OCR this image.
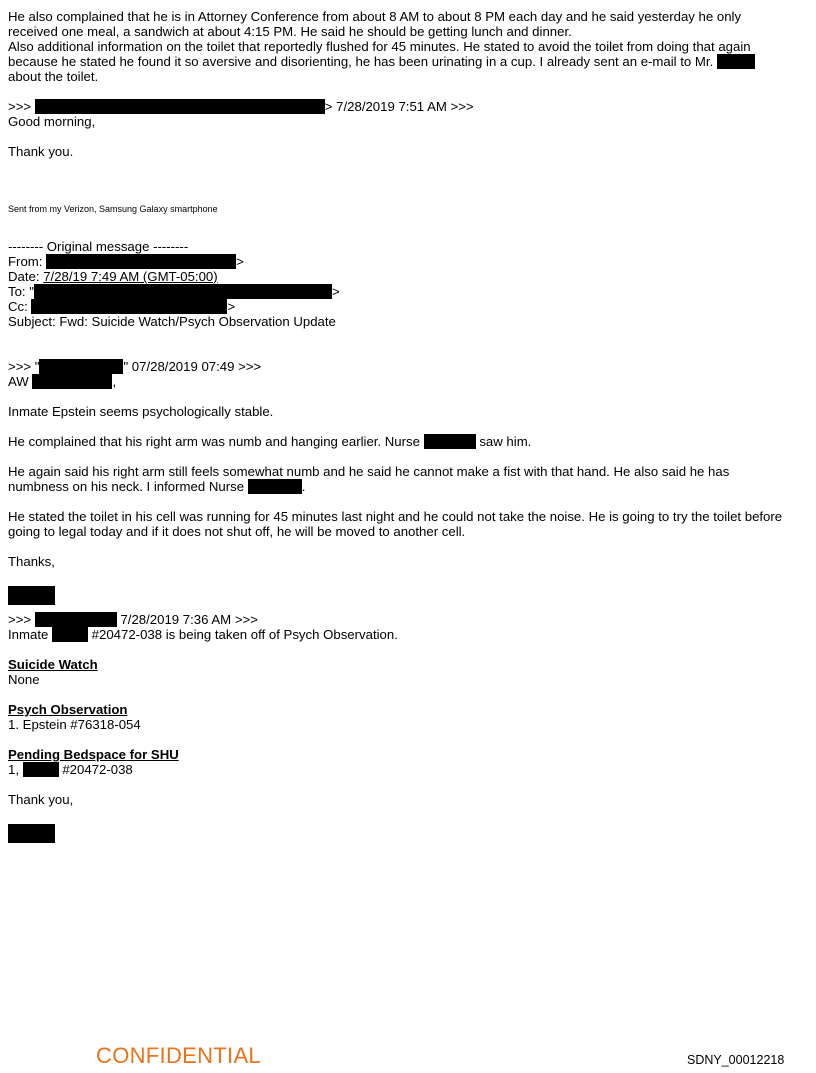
He also complained that he is in Attorney Conference from about 8 AM to about 8 PM each day and he said yesterday he only
received one meal, a sandwich at about 4:15 PM. He said he should be getting lunch and dinner.
Also additional information on the toilet that reportedly flushed for 45 minutes. He stated to avoid the toilet from doing that again
because he stated he found it so aversive and disorienting, he has been urinating in a cup. I already sent an e-mail to Mr.
about the toilet.
>>>	> 7/28/2019 7:51 AM >>>
Good morning,
Thank you.
Sent from my Verizon, Samsung Galaxy smartphone
-------- Original message --------
From:	>
Date: 7/28/19 7:49 AM (GMT-05:00)
To: "	>
Cc:	>
Subject: Fwd: Suicide Watch/Psych Observation Update
>>> "	" 07/28/2019 07:49 >>>
AW	,
Inmate Epstein seems psychologically stable.
He complained that his right arm was numb and hanging earlier. Nurse	saw him.
He again said his right arm still feels somewhat numb and he said he cannot make a fist with that hand. He also said he has
numbness on his neck. I informed Nurse	.
He stated the toilet in his cell was running for 45 minutes last night and he could not take the noise. He is going to try the toilet before
going to legal today and if it does not shut off, he will be moved to another cell.
Thanks,
>>>	7/28/2019 7:36 AM >>>
Inmate	#20472-038 is being taken off of Psych Observation.
Suicide Watch
None
Psych Observation
1. Epstein #76318-054
Pending Bedspace for SHU
1,	#20472-038
Thank you,
CONFIDENTIAL	SDNY_00012218
